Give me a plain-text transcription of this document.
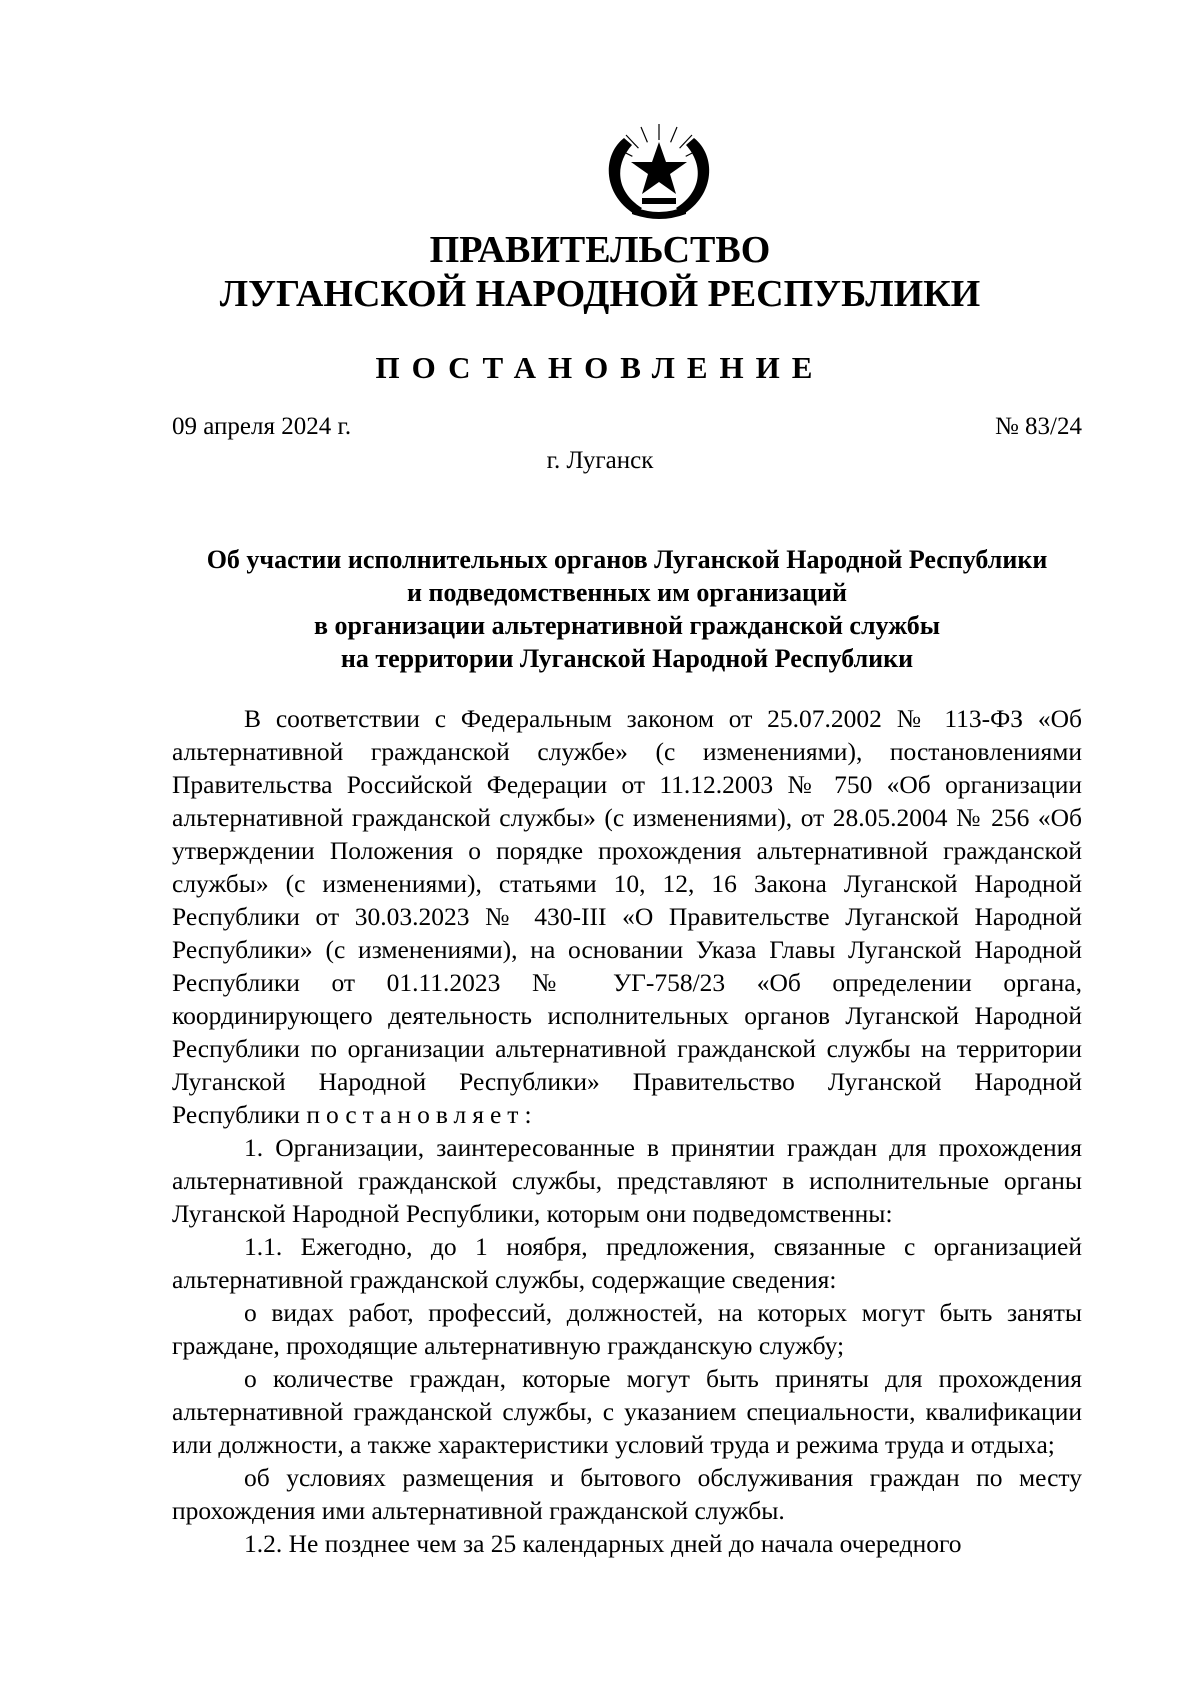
ПРАВИТЕЛЬСТВО
ЛУГАНСКОЙ НАРОДНОЙ РЕСПУБЛИКИ
ПОСТАНОВЛЕНИЕ
09 апреля 2024 г.	№ 83/24
г. Луганск
Об участии исполнительных органов Луганской Народной Республики
и подведомственных им организаций
в организации альтернативной гражданской службы
на территории Луганской Народной Республики

В соответствии с Федеральным законом от 25.07.2002 № 113-ФЗ «Об альтернативной гражданской службе» (с изменениями), постановлениями Правительства Российской Федерации от 11.12.2003 № 750 «Об организации альтернативной гражданской службы» (с изменениями), от 28.05.2004 № 256 «Об утверждении Положения о порядке прохождения альтернативной гражданской службы» (с изменениями), статьями 10, 12, 16 Закона Луганской Народной Республики от 30.03.2023 № 430-III «О Правительстве Луганской Народной Республики» (с изменениями), на основании Указа Главы Луганской Народной Республики от 01.11.2023 № УГ-758/23 «Об определении органа, координирующего деятельность исполнительных органов Луганской Народной Республики по организации альтернативной гражданской службы на территории Луганской Народной Республики» Правительство Луганской Народной Республики постановляет:

1. Организации, заинтересованные в принятии граждан для прохождения альтернативной гражданской службы, представляют в исполнительные органы Луганской Народной Республики, которым они подведомственны:

1.1. Ежегодно, до 1 ноября, предложения, связанные с организацией альтернативной гражданской службы, содержащие сведения:

о видах работ, профессий, должностей, на которых могут быть заняты граждане, проходящие альтернативную гражданскую службу;

о количестве граждан, которые могут быть приняты для прохождения альтернативной гражданской службы, с указанием специальности, квалификации или должности, а также характеристики условий труда и режима труда и отдыха;

об условиях размещения и бытового обслуживания граждан по месту прохождения ими альтернативной гражданской службы.

1.2. Не позднее чем за 25 календарных дней до начала очередного
